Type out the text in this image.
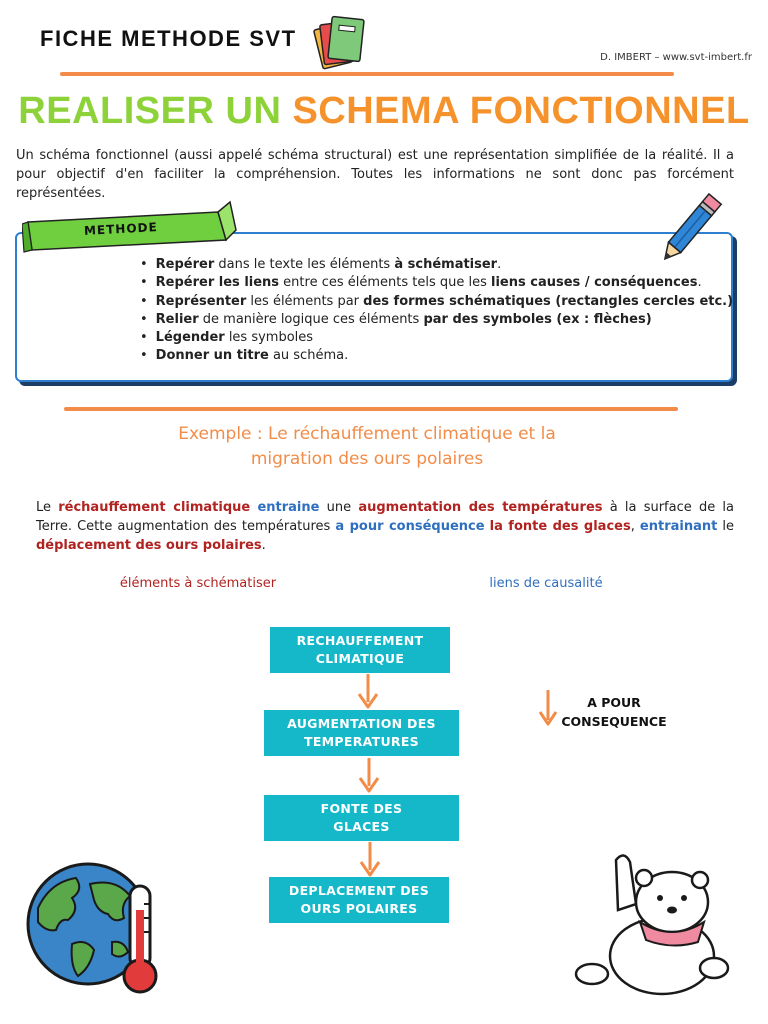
FICHE METHODE SVT
D. IMBERT – www.svt-imbert.fr
REALISER UN SCHEMA FONCTIONNEL
Un schéma fonctionnel (aussi appelé schéma structural) est une représentation simplifiée de la réalité. Il a pour objectif d'en faciliter la compréhension. Toutes les informations ne sont donc pas forcément représentées.
METHODE
• Repérer dans le texte les éléments à schématiser.
• Repérer les liens entre ces éléments tels que les liens causes / conséquences.
• Représenter les éléments par des formes schématiques (rectangles cercles etc.)
• Relier de manière logique ces éléments par des symboles (ex : flèches)
• Légender les symboles
• Donner un titre au schéma.
Exemple : Le réchauffement climatique et la
migration des ours polaires
Le réchauffement climatique entraine une augmentation des températures à la surface de la Terre. Cette augmentation des températures a pour conséquence la fonte des glaces, entrainant le déplacement des ours polaires.
éléments à schématiser	liens de causalité
RECHAUFFEMENT
CLIMATIQUE
AUGMENTATION DES
TEMPERATURES
FONTE DES
GLACES
DEPLACEMENT DES
OURS POLAIRES
A POUR
CONSEQUENCE
